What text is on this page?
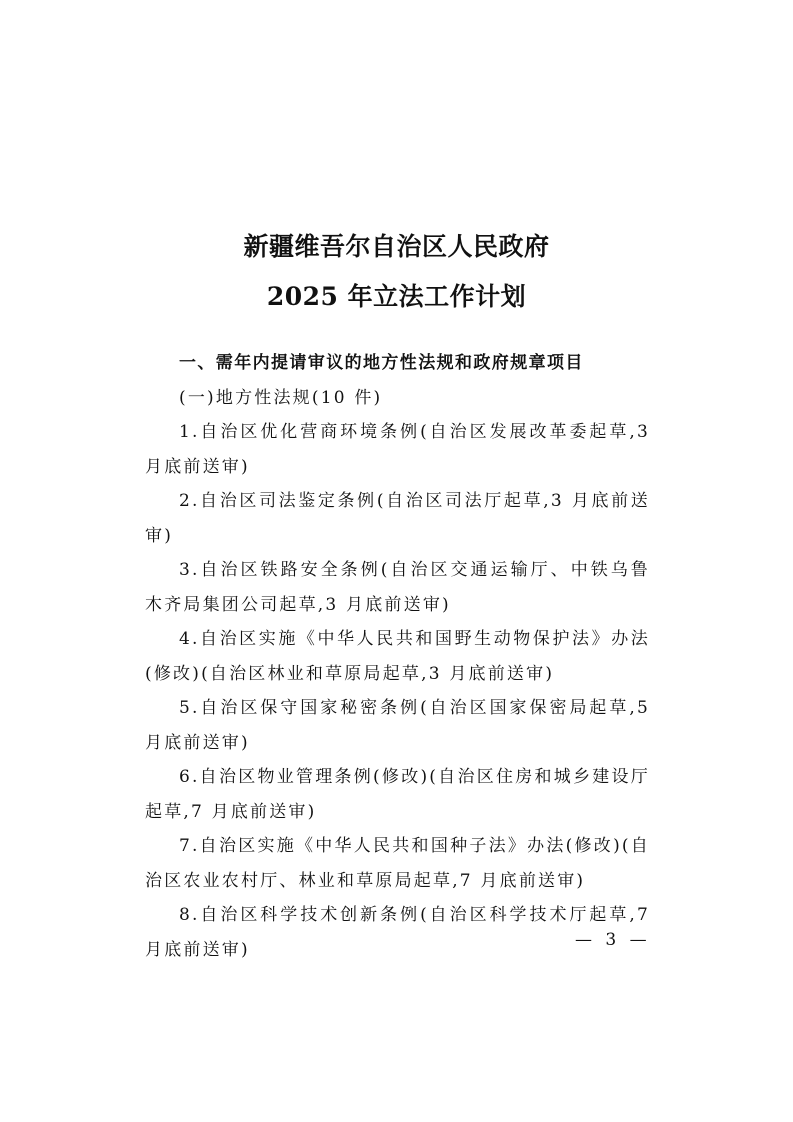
新疆维吾尔自治区人民政府
2025 年立法工作计划
一、需年内提请审议的地方性法规和政府规章项目
(一)地方性法规(10 件)
1.自治区优化营商环境条例(自治区发展改革委起草,3 月底前送审)
2.自治区司法鉴定条例(自治区司法厅起草,3 月底前送审)
3.自治区铁路安全条例(自治区交通运输厅、中铁乌鲁木齐局集团公司起草,3 月底前送审)
4.自治区实施《中华人民共和国野生动物保护法》办法(修改)(自治区林业和草原局起草,3 月底前送审)
5.自治区保守国家秘密条例(自治区国家保密局起草,5 月底前送审)
6.自治区物业管理条例(修改)(自治区住房和城乡建设厅起草,7 月底前送审)
7.自治区实施《中华人民共和国种子法》办法(修改)(自治区农业农村厅、林业和草原局起草,7 月底前送审)
8.自治区科学技术创新条例(自治区科学技术厅起草,7 月底前送审)	— 3 —
